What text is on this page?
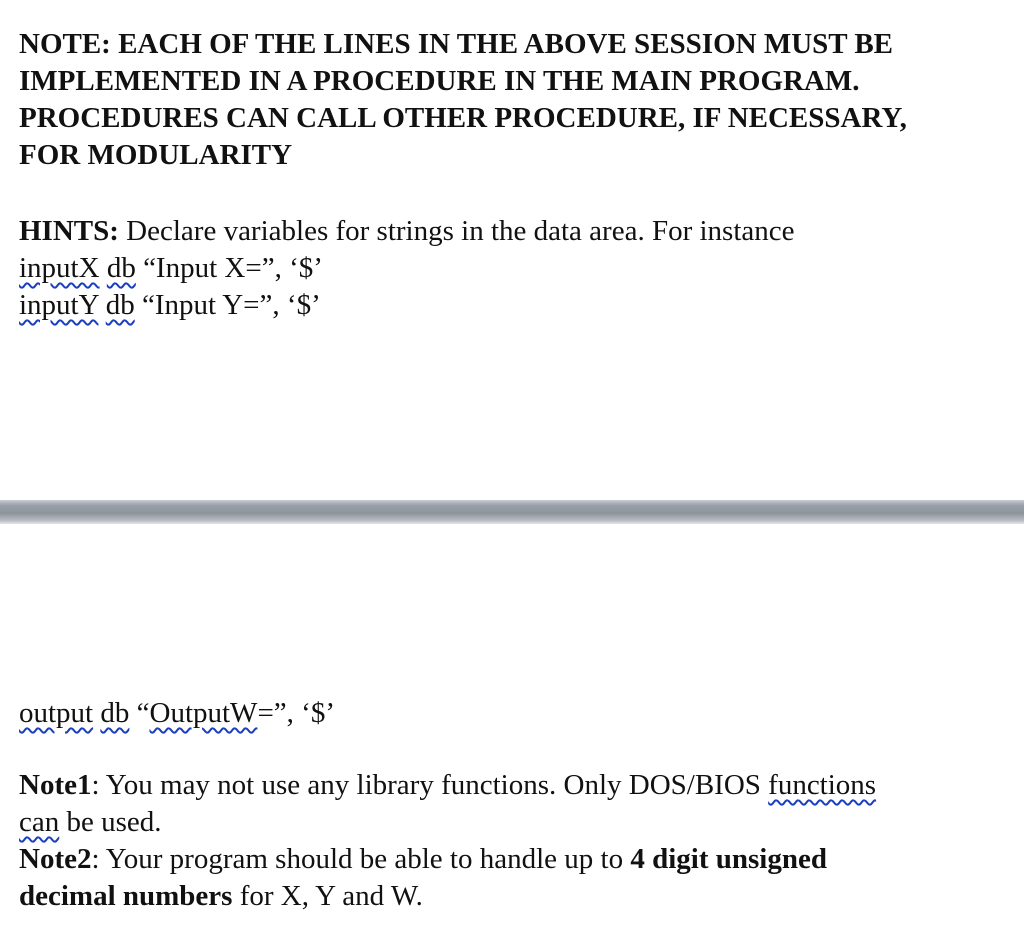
NOTE: EACH OF THE LINES IN THE ABOVE SESSION MUST BE
IMPLEMENTED IN A PROCEDURE IN THE MAIN PROGRAM.
PROCEDURES CAN CALL OTHER PROCEDURE, IF NECESSARY,
FOR MODULARITY
HINTS: Declare variables for strings in the data area. For instance
inputX db “Input X=”, ‘$’
inputY db “Input Y=”, ‘$’
output db “OutputW=”, ‘$’
Note1: You may not use any library functions. Only DOS/BIOS functions
can be used.
Note2: Your program should be able to handle up to 4 digit unsigned
decimal numbers for X, Y and W.
